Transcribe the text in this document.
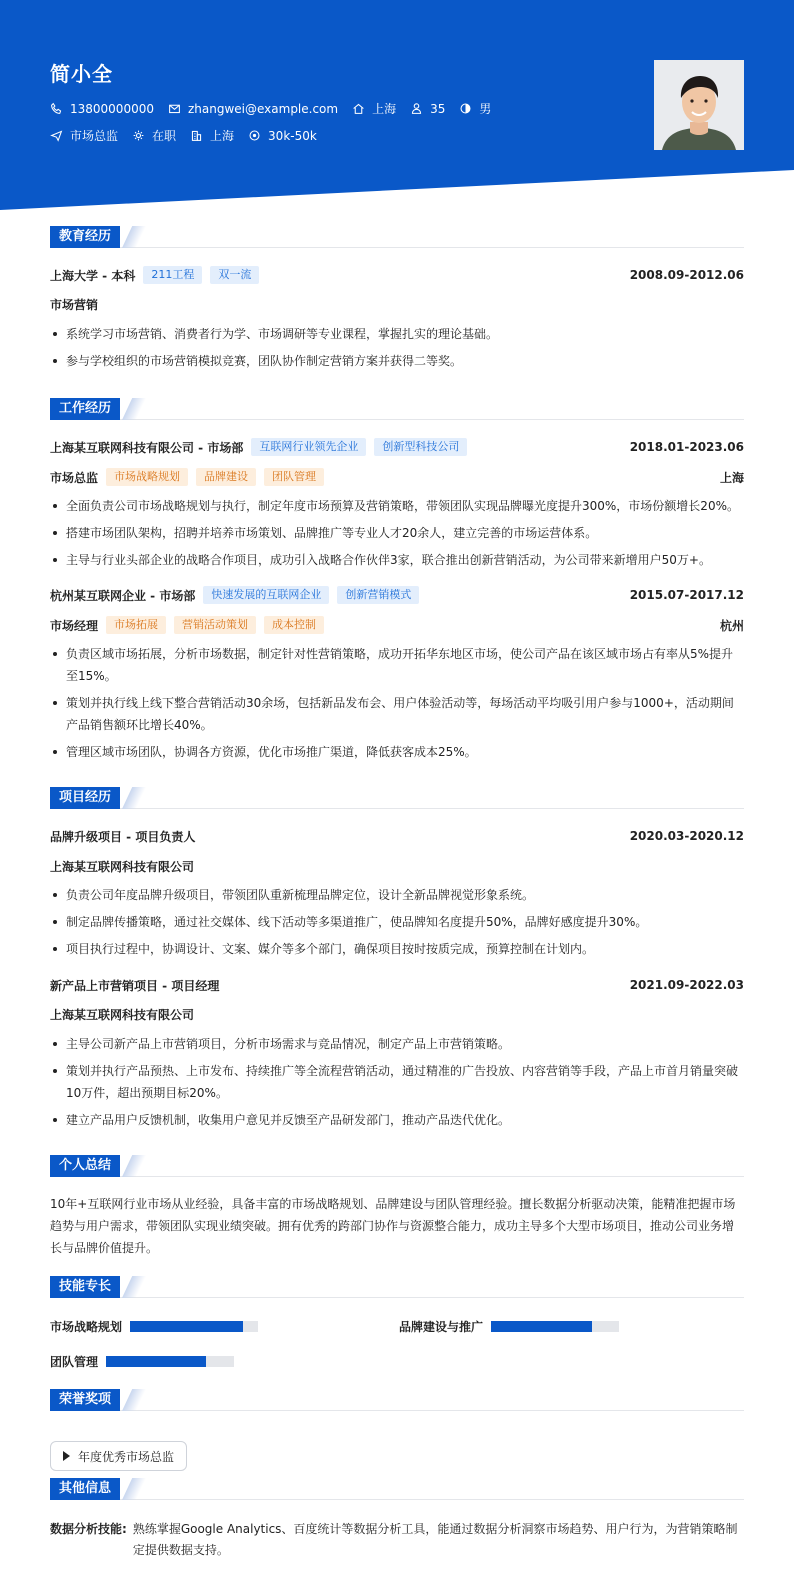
简小全
13800000000	zhangwei@example.com	上海	35	男
市场总监	在职	上海	30k-50k
教育经历
上海大学 - 本科	211工程	双一流	2008.09-2012.06
市场营销
系统学习市场营销、消费者行为学、市场调研等专业课程，掌握扎实的理论基础。
参与学校组织的市场营销模拟竞赛，团队协作制定营销方案并获得二等奖。
工作经历
上海某互联网科技有限公司 - 市场部	互联网行业领先企业	创新型科技公司	2018.01-2023.06
市场总监	市场战略规划	品牌建设	团队管理	上海
全面负责公司市场战略规划与执行，制定年度市场预算及营销策略，带领团队实现品牌曝光度提升300%，市场份额增长20%。
搭建市场团队架构，招聘并培养市场策划、品牌推广等专业人才20余人，建立完善的市场运营体系。
主导与行业头部企业的战略合作项目，成功引入战略合作伙伴3家，联合推出创新营销活动，为公司带来新增用户50万+。
杭州某互联网企业 - 市场部	快速发展的互联网企业	创新营销模式	2015.07-2017.12
市场经理	市场拓展	营销活动策划	成本控制	杭州
负责区域市场拓展，分析市场数据，制定针对性营销策略，成功开拓华东地区市场，使公司产品在该区域市场占有率从5%提升至15%。
策划并执行线上线下整合营销活动30余场，包括新品发布会、用户体验活动等，每场活动平均吸引用户参与1000+，活动期间产品销售额环比增长40%。
管理区域市场团队，协调各方资源，优化市场推广渠道，降低获客成本25%。
项目经历
品牌升级项目 - 项目负责人	2020.03-2020.12
上海某互联网科技有限公司
负责公司年度品牌升级项目，带领团队重新梳理品牌定位，设计全新品牌视觉形象系统。
制定品牌传播策略，通过社交媒体、线下活动等多渠道推广，使品牌知名度提升50%，品牌好感度提升30%。
项目执行过程中，协调设计、文案、媒介等多个部门，确保项目按时按质完成，预算控制在计划内。
新产品上市营销项目 - 项目经理	2021.09-2022.03
上海某互联网科技有限公司
主导公司新产品上市营销项目，分析市场需求与竞品情况，制定产品上市营销策略。
策划并执行产品预热、上市发布、持续推广等全流程营销活动，通过精准的广告投放、内容营销等手段，产品上市首月销量突破10万件，超出预期目标20%。
建立产品用户反馈机制，收集用户意见并反馈至产品研发部门，推动产品迭代优化。
个人总结
10年+互联网行业市场从业经验，具备丰富的市场战略规划、品牌建设与团队管理经验。擅长数据分析驱动决策，能精准把握市场趋势与用户需求，带领团队实现业绩突破。拥有优秀的跨部门协作与资源整合能力，成功主导多个大型市场项目，推动公司业务增长与品牌价值提升。
技能专长
市场战略规划	品牌建设与推广
团队管理
荣誉奖项
年度优秀市场总监
其他信息
数据分析技能: 熟练掌握Google Analytics、百度统计等数据分析工具，能通过数据分析洞察市场趋势、用户行为，为营销策略制定提供数据支持。
